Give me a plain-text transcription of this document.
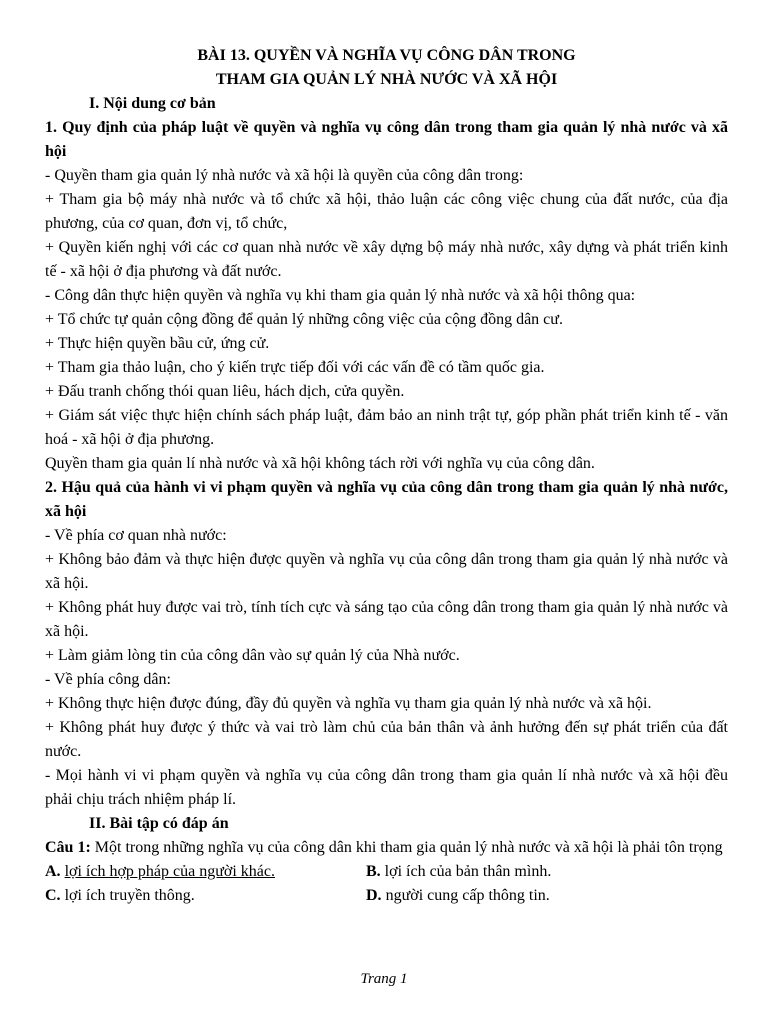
BÀI 13. QUYỀN VÀ NGHĨA VỤ CÔNG DÂN TRONG

THAM GIA QUẢN LÝ NHÀ NƯỚC VÀ XÃ HỘI

I. Nội dung cơ bản

1. Quy định của pháp luật về quyền và nghĩa vụ công dân trong tham gia quản lý nhà nước và xã hội

- Quyền tham gia quản lý nhà nước và xã hội là quyền của công dân trong:

+ Tham gia bộ máy nhà nước và tổ chức xã hội, thảo luận các công việc chung của đất nước, của địa phương, của cơ quan, đơn vị, tổ chức,

+ Quyền kiến nghị với các cơ quan nhà nước về xây dựng bộ máy nhà nước, xây dựng và phát triển kinh tế - xã hội ở địa phương và đất nước.

- Công dân thực hiện quyền và nghĩa vụ khi tham gia quản lý nhà nước và xã hội thông qua:

+ Tổ chức tự quản cộng đồng để quản lý những công việc của cộng đồng dân cư.

+ Thực hiện quyền bầu cử, ứng cử.

+ Tham gia thảo luận, cho ý kiến trực tiếp đối với các vấn đề có tầm quốc gia.

+ Đấu tranh chống thói quan liêu, hách dịch, cửa quyền.

+ Giám sát việc thực hiện chính sách pháp luật, đảm bảo an ninh trật tự, góp phần phát triển kinh tế - văn hoá - xã hội ở địa phương.

Quyền tham gia quản lí nhà nước và xã hội không tách rời với nghĩa vụ của công dân.

2. Hậu quả của hành vi vi phạm quyền và nghĩa vụ của công dân trong tham gia quản lý nhà nước, xã hội

- Về phía cơ quan nhà nước:

+ Không bảo đảm và thực hiện được quyền và nghĩa vụ của công dân trong tham gia quản lý nhà nước và xã hội.

+ Không phát huy được vai trò, tính tích cực và sáng tạo của công dân trong tham gia quản lý nhà nước và xã hội.

+ Làm giảm lòng tin của công dân vào sự quản lý của Nhà nước.

- Về phía công dân:

+ Không thực hiện được đúng, đầy đủ quyền và nghĩa vụ tham gia quản lý nhà nước và xã hội.

+ Không phát huy được ý thức và vai trò làm chủ của bản thân và ảnh hưởng đến sự phát triển của đất nước.

- Mọi hành vi vi phạm quyền và nghĩa vụ của công dân trong tham gia quản lí nhà nước và xã hội đều phải chịu trách nhiệm pháp lí.

II. Bài tập có đáp án

Câu 1: Một trong những nghĩa vụ của công dân khi tham gia quản lý nhà nước và xã hội là phải tôn trọng

A. lợi ích hợp pháp của người khác.	B. lợi ích của bản thân mình.
C. lợi ích truyền thông.	D. người cung cấp thông tin.
Trang 1
